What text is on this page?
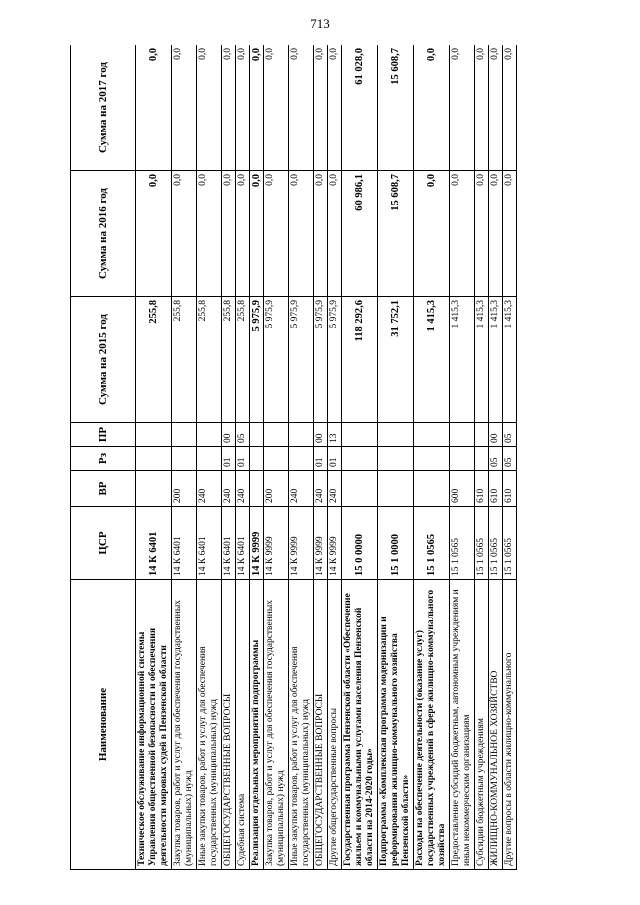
713
Наименование	ЦСР	ВР	Рз	ПР	Сумма на 2015 год	Сумма на 2016 год	Сумма на 2017 год
Техническое обслуживание информационной системы Управления общественной безопасности и обеспечения деятельности мировых судей в Пензенской области	14 К 6401				255,8	0,0	0,0
Закупка товаров, работ и услуг для обеспечения государственных (муниципальных) нужд	14 К 6401	200			255,8	0,0	0,0
Иные закупки товаров, работ и услуг для обеспечения государственных (муниципальных) нужд	14 К 6401	240			255,8	0,0	0,0
ОБЩЕГОСУДАРСТВЕННЫЕ ВОПРОСЫ	14 К 6401	240	01	00	255,8	0,0	0,0
Судебная система	14 К 6401	240	01	05	255,8	0,0	0,0
Реализация отдельных мероприятий подпрограммы	14 К 9999				5 975,9	0,0	0,0
Закупка товаров, работ и услуг для обеспечения государственных (муниципальных) нужд	14 К 9999	200			5 975,9	0,0	0,0
Иные закупки товаров, работ и услуг для обеспечения государственных (муниципальных) нужд	14 К 9999	240			5 975,9	0,0	0,0
ОБЩЕГОСУДАРСТВЕННЫЕ ВОПРОСЫ	14 К 9999	240	01	00	5 975,9	0,0	0,0
Другие общегосударственные вопросы	14 К 9999	240	01	13	5 975,9	0,0	0,0
Государственная программа Пензенской области «Обеспечение жильем и коммунальными услугами населения Пензенской области на 2014-2020 годы»	15 0 0000				118 292,6	60 986,1	61 028,0
Подпрограмма «Комплексная программа модернизации и реформирования жилищно-коммунального хозяйства Пензенской области»	15 1 0000				31 752,1	15 608,7	15 608,7
Расходы на обеспечение деятельности (оказание услуг) государственных учреждений в сфере жилищно-коммунального хозяйства	15 1 0565				1 415,3	0,0	0,0
Предоставление субсидий бюджетным, автономным учреждениям и иным некоммерческим организациям	15 1 0565	600			1 415,3	0,0	0,0
Субсидии бюджетным учреждениям	15 1 0565	610			1 415,3	0,0	0,0
ЖИЛИЩНО-КОММУНАЛЬНОЕ ХОЗЯЙСТВО	15 1 0565	610	05	00	1 415,3	0,0	0,0
Другие вопросы в области жилищно-коммунального	15 1 0565	610	05	05	1 415,3	0,0	0,0
